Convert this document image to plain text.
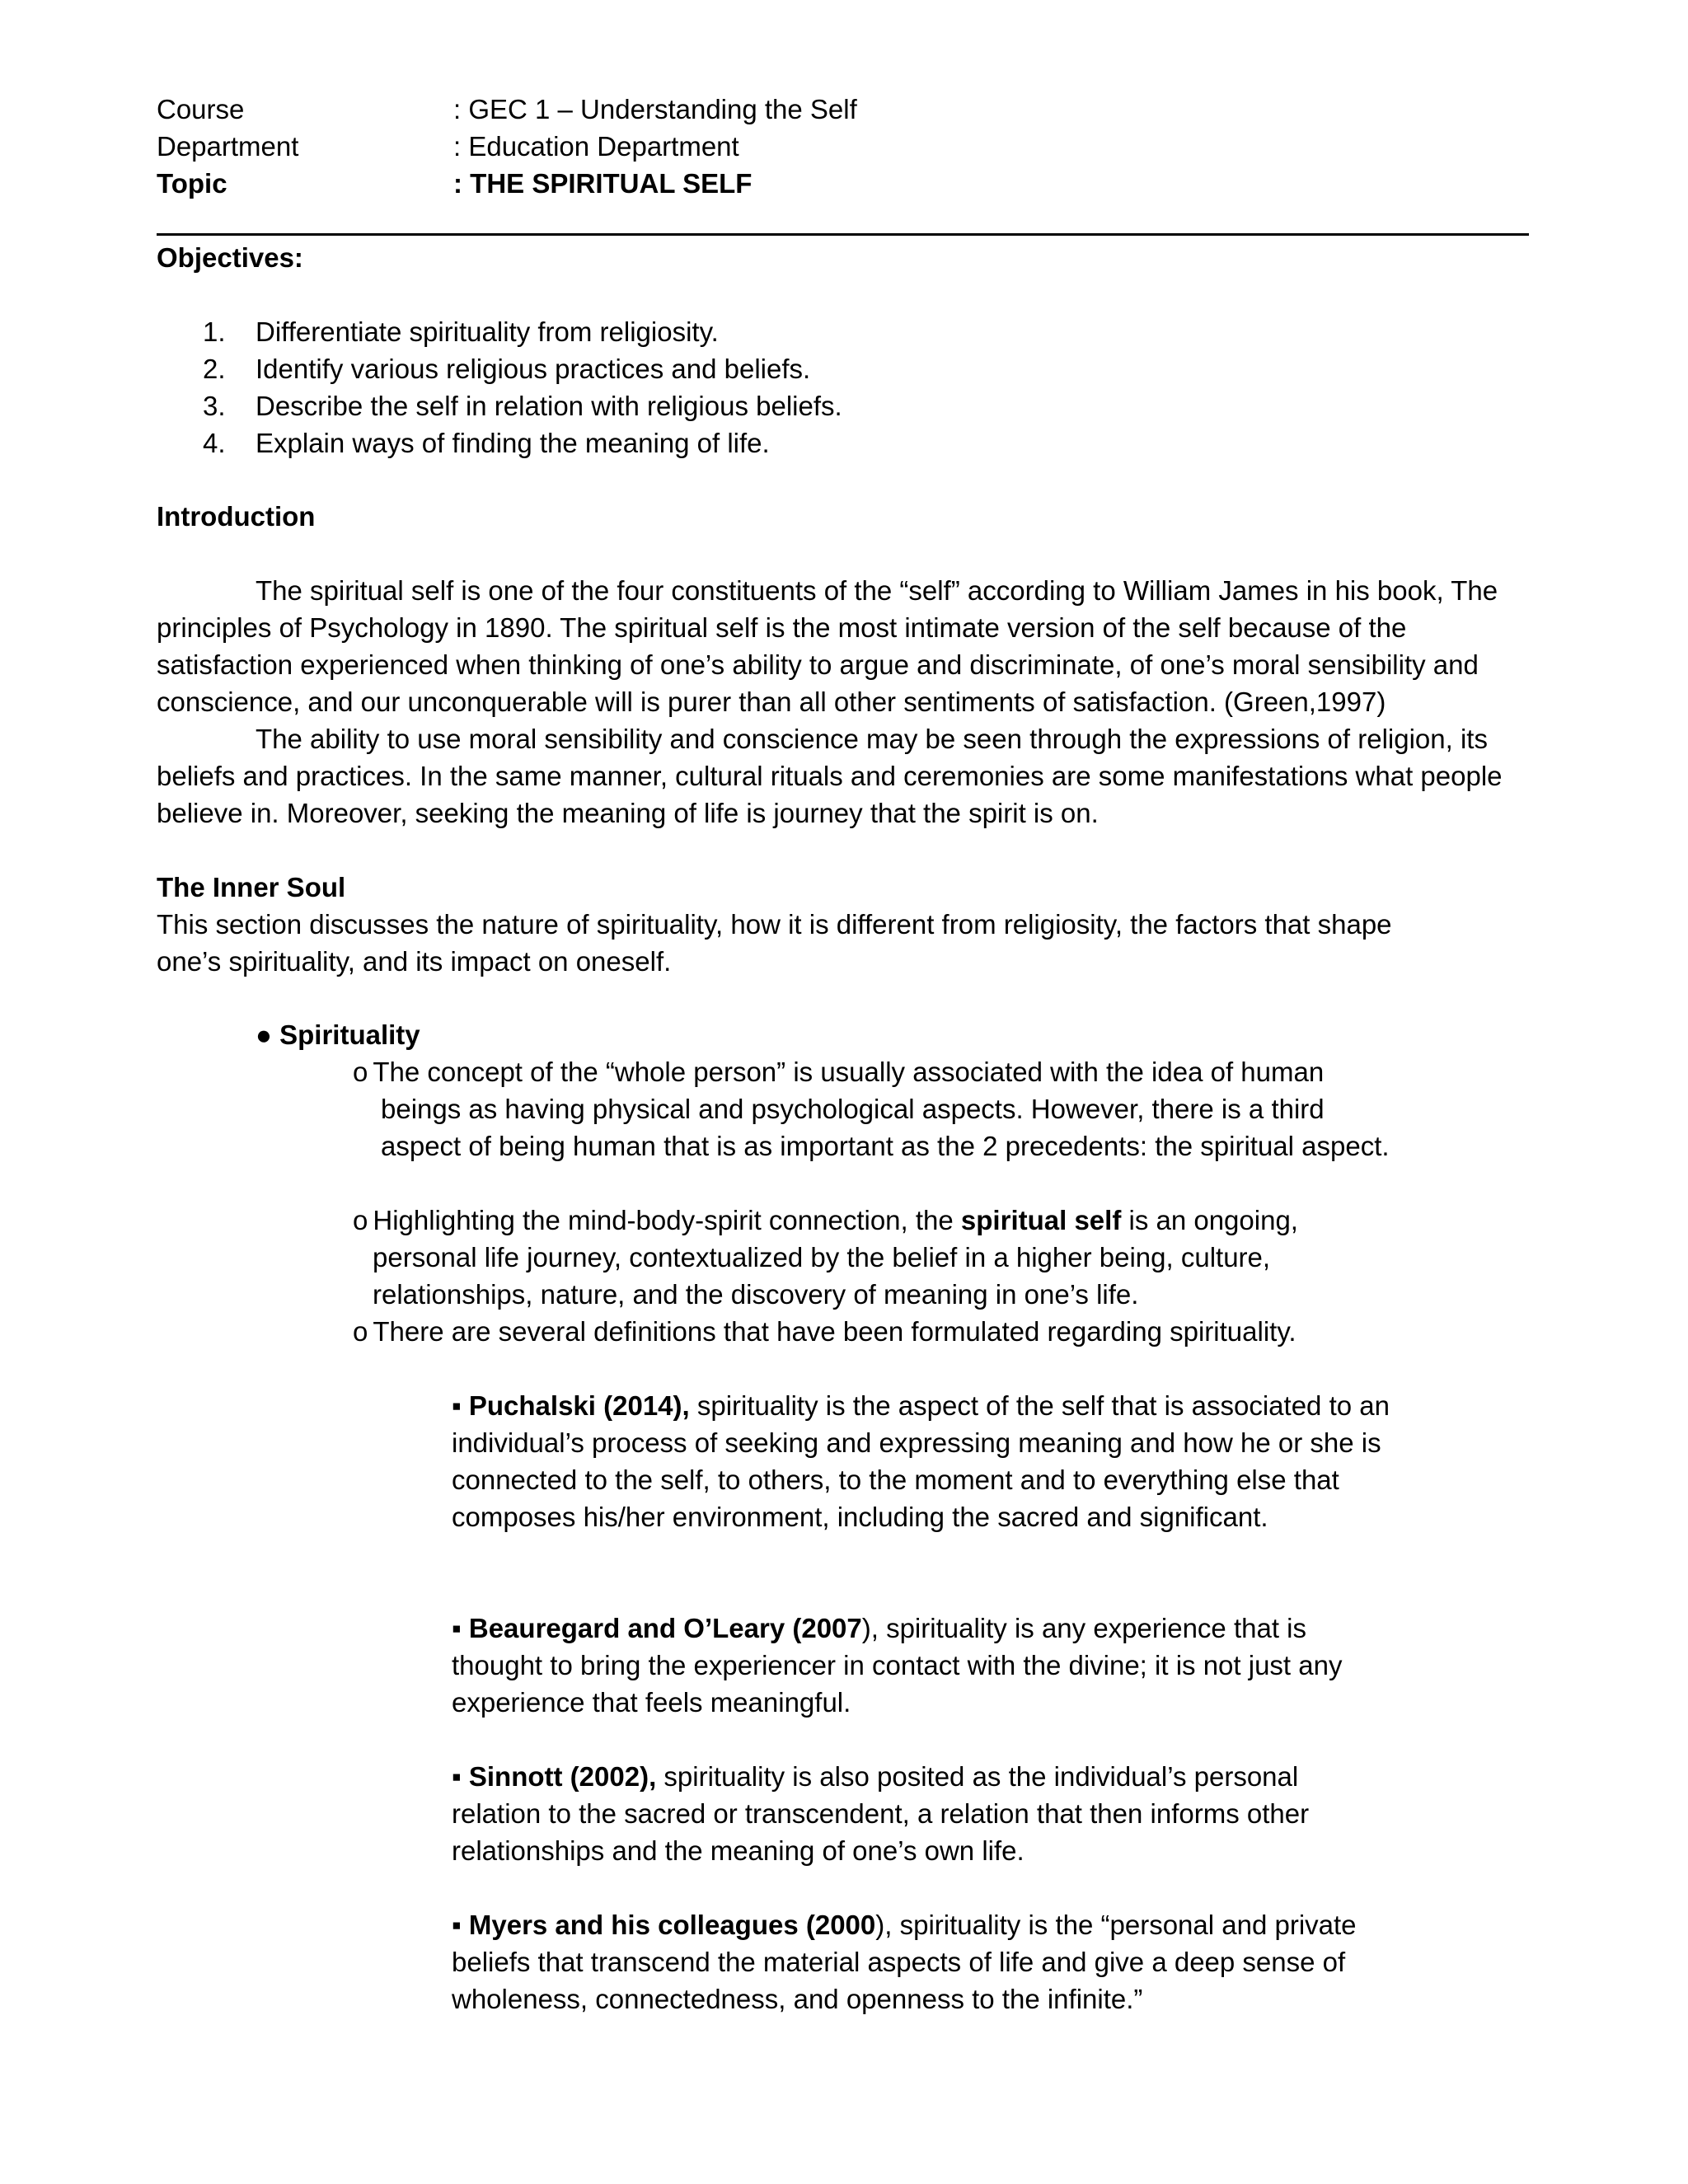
Course	: GEC 1 – Understanding the Self
Department	: Education Department
Topic	: THE SPIRITUAL SELF
Objectives:
1.	Differentiate spirituality from religiosity.
2.	Identify various religious practices and beliefs.
3.	Describe the self in relation with religious beliefs.
4.	Explain ways of finding the meaning of life.
Introduction

The spiritual self is one of the four constituents of the “self” according to William James in his book, The principles of Psychology in 1890. The spiritual self is the most intimate version of the self because of the satisfaction experienced when thinking of one’s ability to argue and discriminate, of one’s moral sensibility and conscience, and our unconquerable will is purer than all other sentiments of satisfaction. (Green,1997)

The ability to use moral sensibility and conscience may be seen through the expressions of religion, its beliefs and practices. In the same manner, cultural rituals and ceremonies are some manifestations what people believe in. Moreover, seeking the meaning of life is journey that the spirit is on.

The Inner Soul

This section discusses the nature of spirituality, how it is different from religiosity, the factors that shape one’s spirituality, and its impact on oneself.

● Spirituality

o The concept of the “whole person” is usually associated with the idea of human beings as having physical and psychological aspects. However, there is a third aspect of being human that is as important as the 2 precedents: the spiritual aspect.

o Highlighting the mind-body-spirit connection, the spiritual self is an ongoing, personal life journey, contextualized by the belief in a higher being, culture, relationships, nature, and the discovery of meaning in one’s life.

o There are several definitions that have been formulated regarding spirituality.

▪ Puchalski (2014), spirituality is the aspect of the self that is associated to an individual’s process of seeking and expressing meaning and how he or she is connected to the self, to others, to the moment and to everything else that composes his/her environment, including the sacred and significant.

▪ Beauregard and O’Leary (2007), spirituality is any experience that is thought to bring the experiencer in contact with the divine; it is not just any experience that feels meaningful.

▪ Sinnott (2002), spirituality is also posited as the individual’s personal relation to the sacred or transcendent, a relation that then informs other relationships and the meaning of one’s own life.

▪ Myers and his colleagues (2000), spirituality is the “personal and private beliefs that transcend the material aspects of life and give a deep sense of wholeness, connectedness, and openness to the infinite.”
